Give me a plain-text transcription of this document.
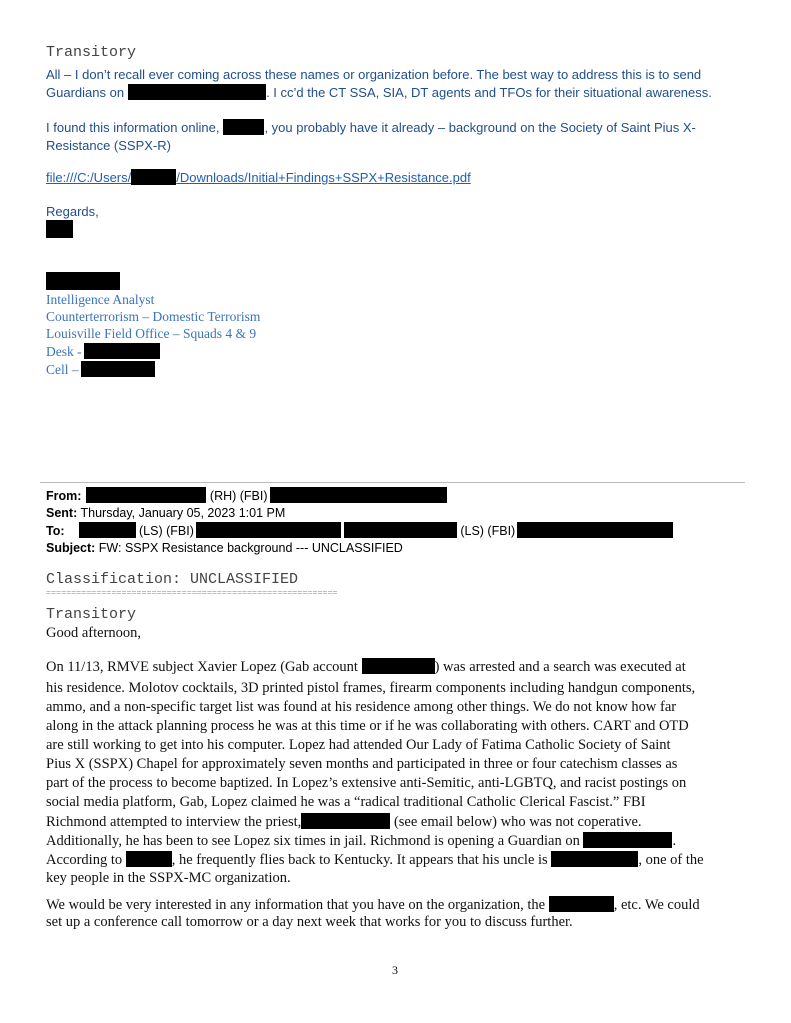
Transitory
All – I don’t recall ever coming across these names or organization before. The best way to address this is to send
Guardians on	. I cc’d the CT SSA, SIA, DT agents and TFOs for their situational awareness.
I found this information online,	, you probably have it already – background on the Society of Saint Pius X-
Resistance (SSPX-R)
file:///C:/Users/	/Downloads/Initial+Findings+SSPX+Resistance.pdf
Regards,
Intelligence Analyst
Counterterrorism – Domestic Terrorism
Louisville Field Office – Squads 4 & 9
Desk -
Cell –
From:	(RH) (FBI)
Sent: Thursday, January 05, 2023 1:01 PM
To:	(LS) (FBI)	(LS) (FBI)
Subject: FW: SSPX Resistance background --- UNCLASSIFIED
Classification: UNCLASSIFIED
==========================================================
Transitory
Good afternoon,
On 11/13, RMVE subject Xavier Lopez (Gab account	) was arrested and a search was executed at
his residence. Molotov cocktails, 3D printed pistol frames, firearm components including handgun components,
ammo, and a non-specific target list was found at his residence among other things. We do not know how far
along in the attack planning process he was at this time or if he was collaborating with others. CART and OTD
are still working to get into his computer. Lopez had attended Our Lady of Fatima Catholic Society of Saint
Pius X (SSPX) Chapel for approximately seven months and participated in three or four catechism classes as
part of the process to become baptized. In Lopez’s extensive anti-Semitic, anti-LGBTQ, and racist postings on
social media platform, Gab, Lopez claimed he was a “radical traditional Catholic Clerical Fascist.” FBI
Richmond attempted to interview the priest,	(see email below) who was not coperative.
Additionally, he has been to see Lopez six times in jail. Richmond is opening a Guardian on	.
According to	, he frequently flies back to Kentucky. It appears that his uncle is	, one of the
key people in the SSPX-MC organization.
We would be very interested in any information that you have on the organization, the	, etc. We could
set up a conference call tomorrow or a day next week that works for you to discuss further.
3
